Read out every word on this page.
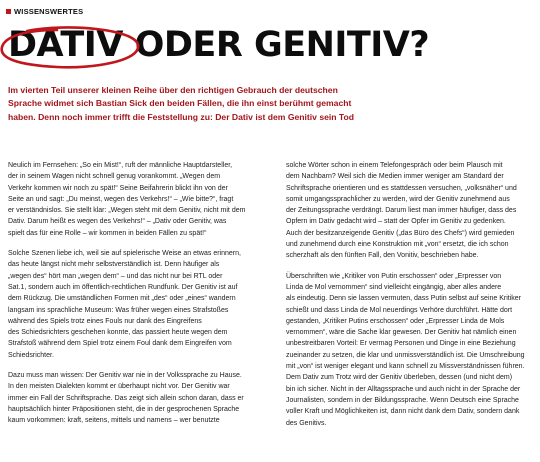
WISSENSWERTES
DATIV ODER GENITIV?
Im vierten Teil unserer kleinen Reihe über den richtigen Gebrauch der deutschen
Sprache widmet sich Bastian Sick den beiden Fällen, die ihn einst berühmt gemacht
haben. Denn noch immer trifft die Feststellung zu: Der Dativ ist dem Genitiv sein Tod

Neulich im Fernsehen: „So ein Mist!“, ruft der männliche Hauptdarsteller,
der in seinem Wagen nicht schnell genug vorankommt. „Wegen dem
Verkehr kommen wir noch zu spät!“ Seine Beifahrerin blickt ihn von der
Seite an und sagt: „Du meinst, wegen des Verkehrs!“ – „Wie bitte?“, fragt
er verständnislos. Sie stellt klar: „Wegen steht mit dem Genitiv, nicht mit dem
Dativ. Darum heißt es wegen des Verkehrs!“ – „Dativ oder Genitiv, was
spielt das für eine Rolle – wir kommen in beiden Fällen zu spät!“

Solche Szenen liebe ich, weil sie auf spielerische Weise an etwas erinnern,
das heute längst nicht mehr selbstverständlich ist. Denn häufiger als
„wegen des“ hört man „wegen dem“ – und das nicht nur bei RTL oder
Sat.1, sondern auch im öffentlich-rechtlichen Rundfunk. Der Genitiv ist auf
dem Rückzug. Die umständlichen Formen mit „des“ oder „eines“ wandern
langsam ins sprachliche Museum: Was früher wegen eines Strafstoßes
während des Spiels trotz eines Fouls nur dank des Eingreifens
des Schiedsrichters geschehen konnte, das passiert heute wegen dem
Strafstoß während dem Spiel trotz einem Foul dank dem Eingreifen vom
Schiedsrichter.

Dazu muss man wissen: Der Genitiv war nie in der Volkssprache zu Hause.
In den meisten Dialekten kommt er überhaupt nicht vor. Der Genitiv war
immer ein Fall der Schriftsprache. Das zeigt sich allein schon daran, dass er
hauptsächlich hinter Präpositionen steht, die in der gesprochenen Sprache
kaum vorkommen: kraft, seitens, mittels und namens – wer benutzte

solche Wörter schon in einem Telefongespräch oder beim Plausch mit
dem Nachbarn? Weil sich die Medien immer weniger am Standard der
Schriftsprache orientieren und es stattdessen versuchen, „volksnäher“ und
somit umgangssprachlicher zu werden, wird der Genitiv zunehmend aus
der Zeitungssprache verdrängt. Darum liest man immer häufiger, dass des
Opfern im Dativ gedacht wird – statt der Opfer im Genitiv zu gedenken.
Auch der besitzanzeigende Genitiv („das Büro des Chefs“) wird gemieden
und zunehmend durch eine Konstruktion mit „von“ ersetzt, die ich schon
scherzhaft als den fünften Fall, den Vonitiv, beschrieben habe.

Überschriften wie „Kritiker von Putin erschossen“ oder „Erpresser von
Linda de Mol vernommen“ sind vielleicht eingängig, aber alles andere
als eindeutig. Denn sie lassen vermuten, dass Putin selbst auf seine Kritiker
schießt und dass Linda de Mol neuerdings Verhöre durchführt. Hätte dort
gestanden, „Kritiker Putins erschossen“ oder „Erpresser Linda de Mols
vernommen“, wäre die Sache klar gewesen. Der Genitiv hat nämlich einen
unbestreitbaren Vorteil: Er vermag Personen und Dinge in eine Beziehung
zueinander zu setzen, die klar und unmissverständlich ist. Die Umschreibung
mit „von“ ist weniger elegant und kann schnell zu Missverständnissen führen.
Dem Dativ zum Trotz wird der Genitiv überleben, dessen (und nicht dem)
bin ich sicher. Nicht in der Alltagssprache und auch nicht in der Sprache der
Journalisten, sondern in der Bildungssprache. Wenn Deutsch eine Sprache
voller Kraft und Möglichkeiten ist, dann nicht dank dem Dativ, sondern dank
des Genitivs.
